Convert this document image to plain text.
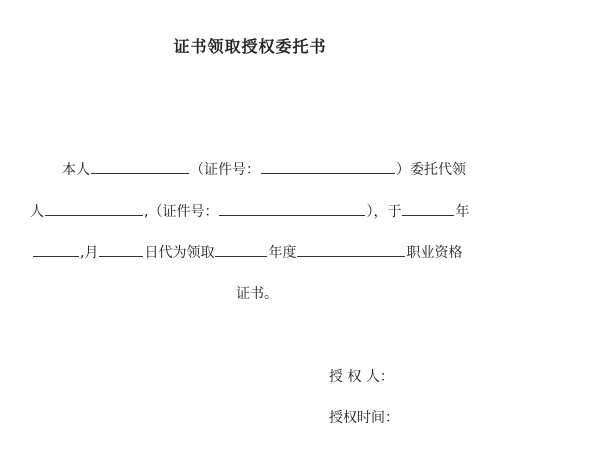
证书领取授权委托书
本人	（证件号：	）委托代领
人	,（证件号：	），于	年
,月	日代为领取	年度	职业资格
证书。
授 权 人：
授权时间：
